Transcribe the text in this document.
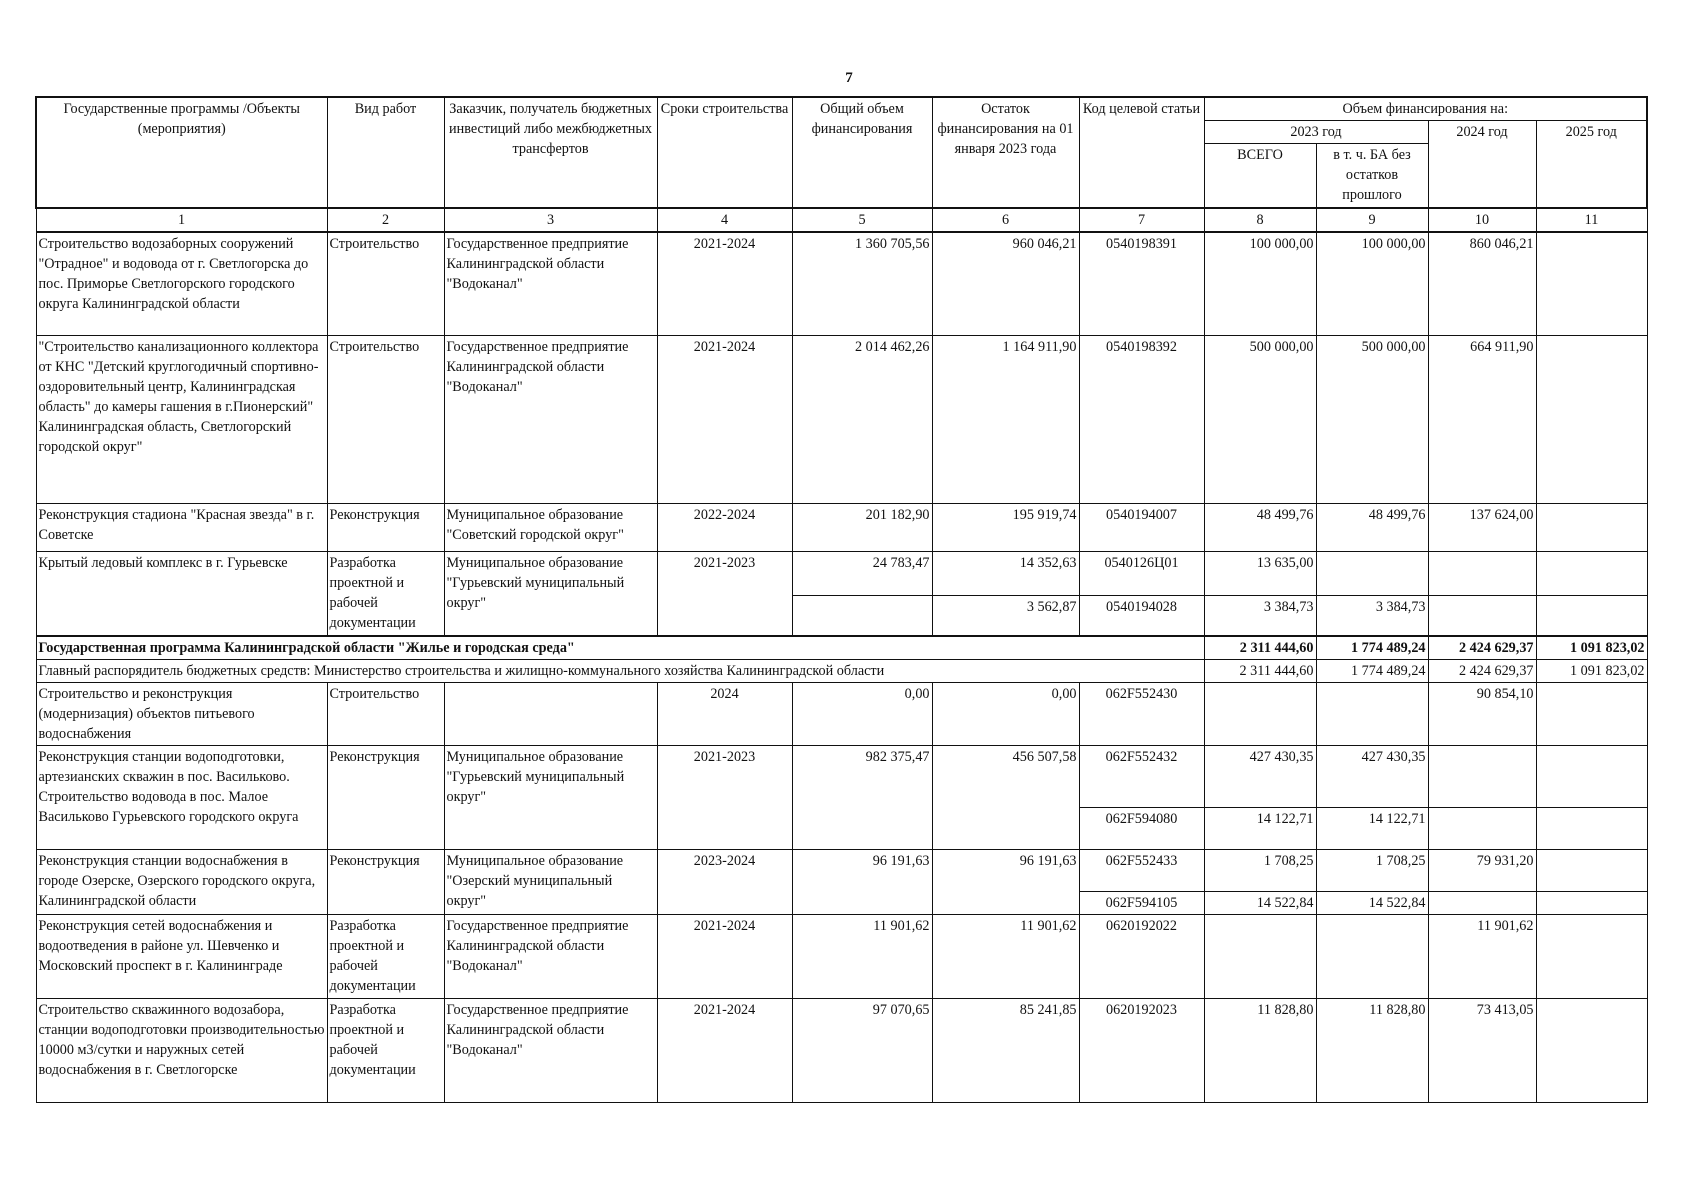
7
Государственные программы /Объекты (мероприятия)	Вид работ	Заказчик, получатель бюджетных инвестиций либо межбюджетных трансфертов	Сроки строительства	Общий объем финансирования	Остаток финансирования на 01 января 2023 года	Код целевой статьи	Объем финансирования на:			
							2023 год		2024 год	2025 год
							ВСЕГО	в т. ч. БА без остатков прошлого		
1	2	3	4	5	6	7	8	9	10	11
Строительство водозаборных сооружений "Отрадное" и водовода от г. Светлогорска до пос. Приморье Светлогорского городского округа Калининградской области	Строительство	Государственное предприятие Калининградской области "Водоканал"	2021-2024	1 360 705,56	960 046,21	0540198391	100 000,00	100 000,00	860 046,21	
"Строительство канализационного коллектора от КНС "Детский круглогодичный спортивно-оздоровительный центр, Калининградская область" до камеры гашения в г.Пионерский" Калининградская область, Светлогорский городской округ"	Строительство	Государственное предприятие Калининградской области "Водоканал"	2021-2024	2 014 462,26	1 164 911,90	0540198392	500 000,00	500 000,00	664 911,90	
Реконструкция стадиона "Красная звезда" в г. Советске	Реконструкция	Муниципальное образование "Советский городской округ"	2022-2024	201 182,90	195 919,74	0540194007	48 499,76	48 499,76	137 624,00	
Крытый ледовый комплекс в г. Гурьевске	Разработка проектной и рабочей документации	Муниципальное образование "Гурьевский муниципальный округ"	2021-2023	24 783,47	14 352,63	0540126Ц01	13 635,00			
					3 562,87	0540194028	3 384,73	3 384,73		
Государственная программа Калининградской области "Жилье и городская среда"							2 311 444,60	1 774 489,24	2 424 629,37	1 091 823,02
Главный распорядитель бюджетных средств: Министерство строительства и жилищно-коммунального хозяйства Калининградской области							2 311 444,60	1 774 489,24	2 424 629,37	1 091 823,02
Строительство и реконструкция (модернизация) объектов питьевого водоснабжения	Строительство		2024	0,00	0,00	062F552430			90 854,10	
Реконструкция станции водоподготовки, артезианских скважин в пос. Васильково. Строительство водовода в пос. Малое Васильково Гурьевского городского округа	Реконструкция	Муниципальное образование "Гурьевский муниципальный округ"	2021-2023	982 375,47	456 507,58	062F552432	427 430,35	427 430,35		
						062F594080	14 122,71	14 122,71		
Реконструкция станции водоснабжения в городе Озерске, Озерского городского округа, Калининградской области	Реконструкция	Муниципальное образование "Озерский муниципальный округ"	2023-2024	96 191,63	96 191,63	062F552433	1 708,25	1 708,25	79 931,20	
						062F594105	14 522,84	14 522,84		
Реконструкция сетей водоснабжения и водоотведения в районе ул. Шевченко и Московский проспект в г. Калининграде	Разработка проектной и рабочей документации	Государственное предприятие Калининградской области "Водоканал"	2021-2024	11 901,62	11 901,62	0620192022			11 901,62	
Строительство скважинного водозабора, станции водоподготовки производительностью 10000 м3/сутки и наружных сетей водоснабжения в г. Светлогорске	Разработка проектной и рабочей документации	Государственное предприятие Калининградской области "Водоканал"	2021-2024	97 070,65	85 241,85	0620192023	11 828,80	11 828,80	73 413,05	
